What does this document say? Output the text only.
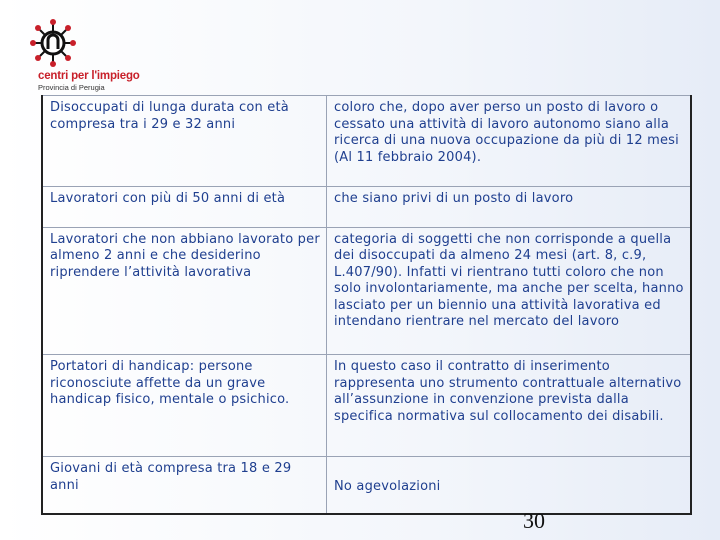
centri per l'impiego
Provincia di Perugia
Disoccupati di lunga durata con età compresa tra i 29 e 32 anni	coloro che, dopo aver perso un posto di lavoro o cessato una attività di lavoro autonomo siano alla ricerca di una nuova occupazione da più di 12 mesi (Al 11 febbraio 2004).
Lavoratori con più di 50 anni di età	che siano privi di un posto di lavoro
Lavoratori che non abbiano lavorato per almeno 2 anni e che desiderino riprendere l’attività lavorativa	categoria di soggetti che non corrisponde a quella dei disoccupati da almeno 24 mesi (art. 8, c.9, L.407/90). Infatti vi rientrano tutti coloro che non solo involontariamente, ma anche per scelta, hanno lasciato per un biennio una attività lavorativa ed intendano rientrare nel mercato del lavoro
Portatori di handicap: persone riconosciute affette da un grave handicap fisico, mentale o psichico.	In questo caso il contratto di inserimento rappresenta uno strumento contrattuale alternativo all’assunzione in convenzione prevista dalla specifica normativa sul collocamento dei disabili.
Giovani di età compresa tra 18 e 29 anni	No agevolazioni
30
